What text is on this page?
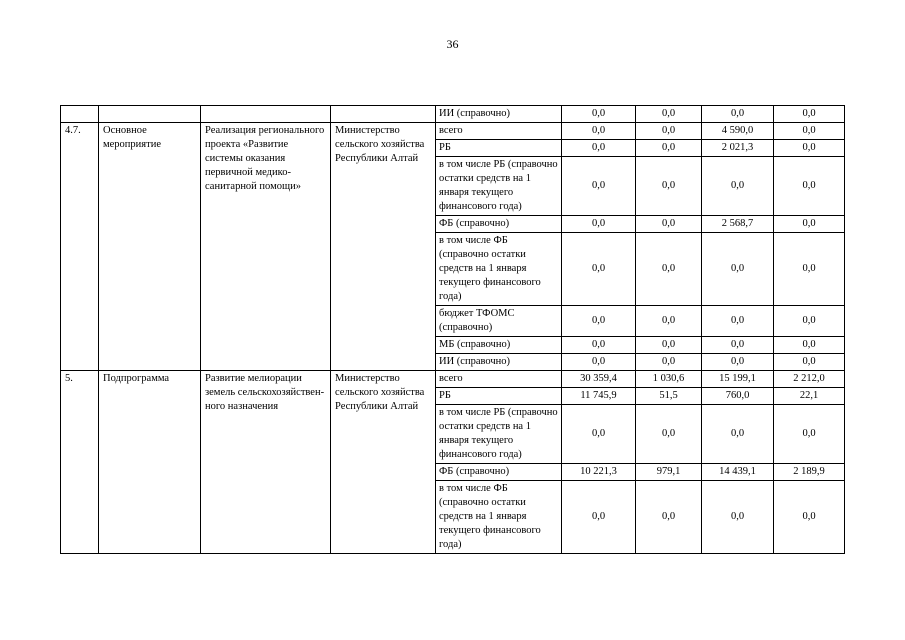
36
				ИИ (справочно)	0,0	0,0	0,0	0,0
4.7.	Основное мероприятие	Реализация регионального проекта «Развитие системы оказания первичной медико-санитарной помощи»	Министерство сельского хозяйства Республики Алтай	всего	0,0	0,0	4 590,0	0,0
				РБ	0,0	0,0	2 021,3	0,0
				в том числе РБ (справочно остатки средств на 1 января текущего финансового года)	0,0	0,0	0,0	0,0
				ФБ (справочно)	0,0	0,0	2 568,7	0,0
				в том числе ФБ (справочно остатки средств на 1 января текущего финансового года)	0,0	0,0	0,0	0,0
				бюджет ТФОМС (справочно)	0,0	0,0	0,0	0,0
				МБ (справочно)	0,0	0,0	0,0	0,0
				ИИ (справочно)	0,0	0,0	0,0	0,0
5.	Подпрограмма	Развитие мелиорации земель сельскохозяйствен-ного назначения	Министерство сельского хозяйства Республики Алтай	всего	30 359,4	1 030,6	15 199,1	2 212,0
				РБ	11 745,9	51,5	760,0	22,1
				в том числе РБ (справочно остатки средств на 1 января текущего финансового года)	0,0	0,0	0,0	0,0
				ФБ (справочно)	10 221,3	979,1	14 439,1	2 189,9
				в том числе ФБ (справочно остатки средств на 1 января текущего финансового года)	0,0	0,0	0,0	0,0
